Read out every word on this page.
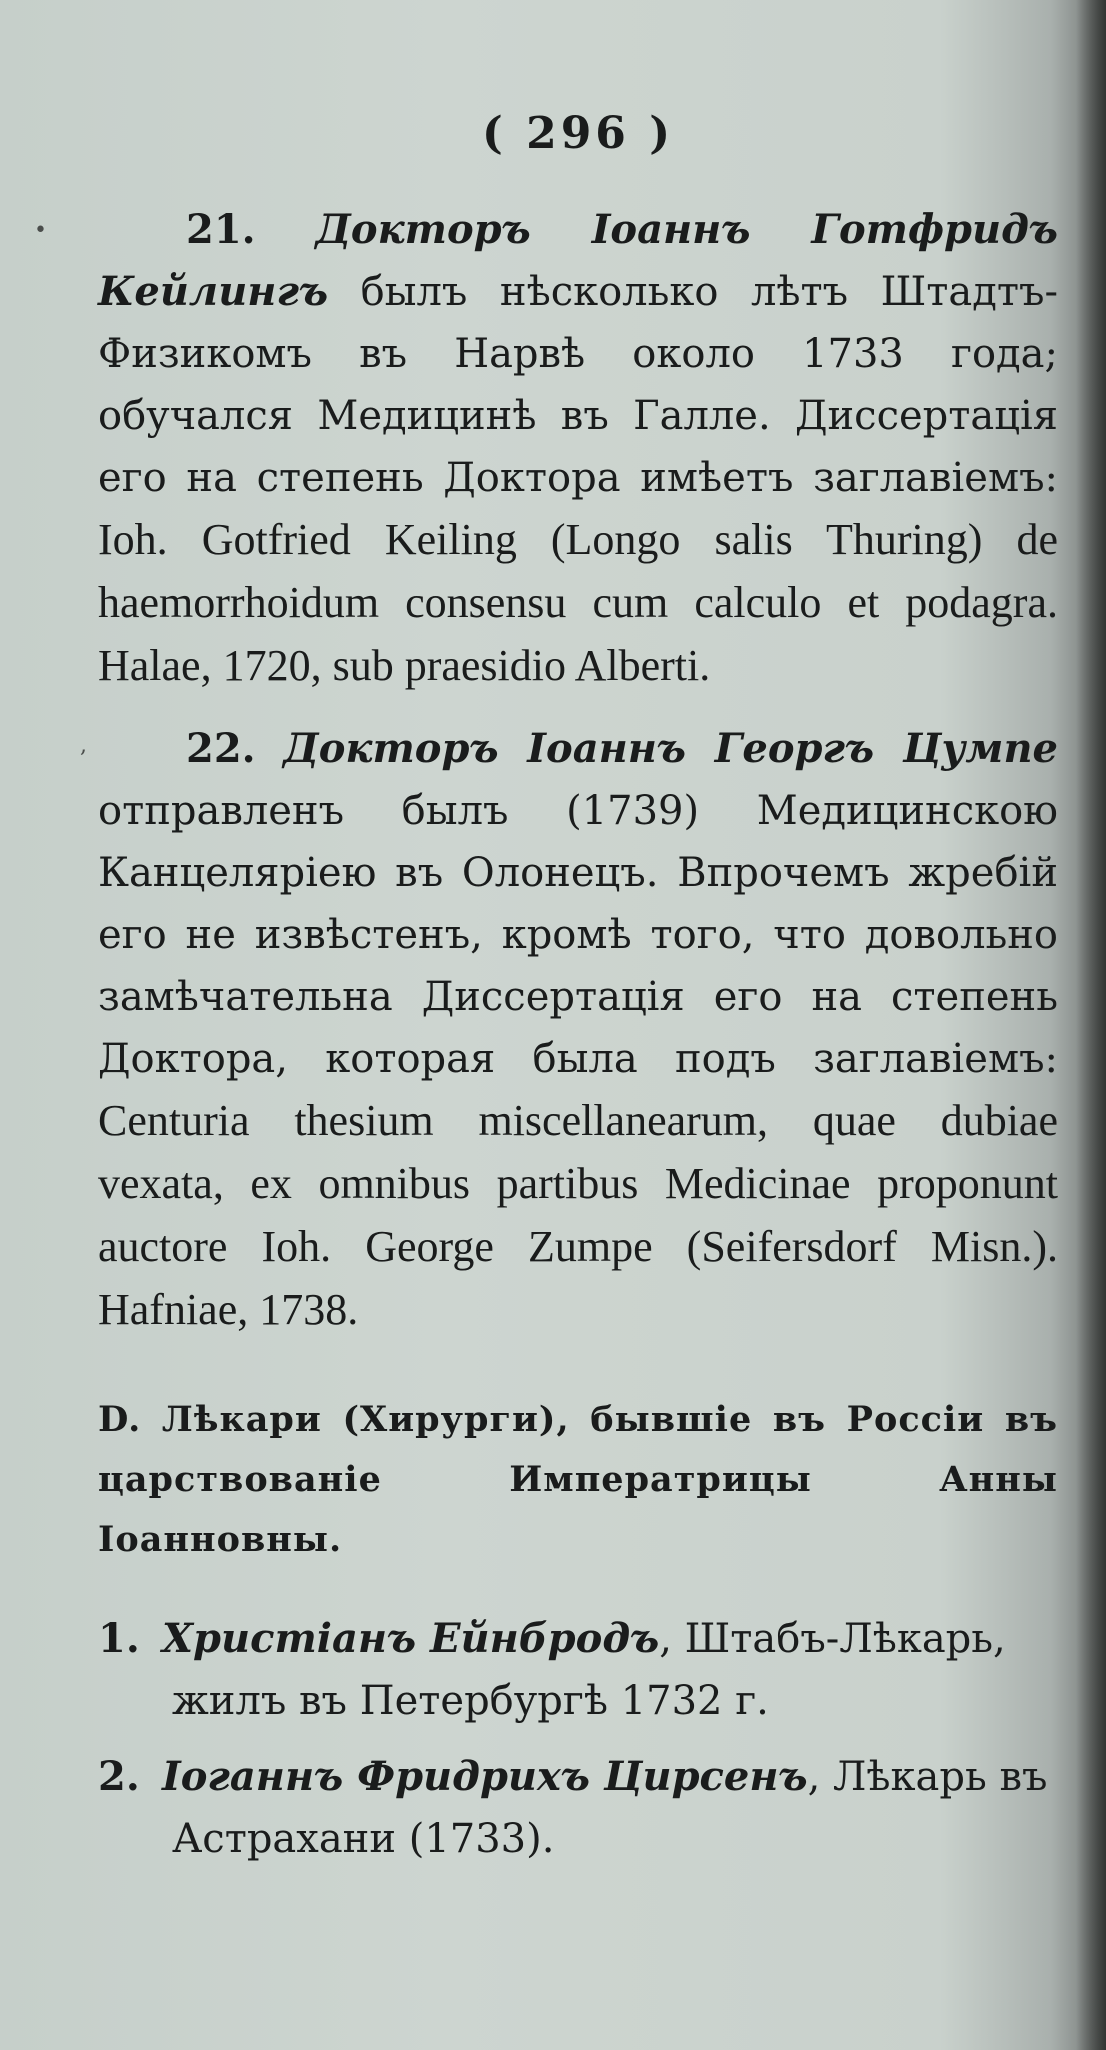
•
,
( 296 )

21. Докторъ Іоаннъ Готфридъ Кейлингъ былъ нѣсколько лѣтъ Штадтъ-Физикомъ въ Нарвѣ около 1733 года; обучался Медицинѣ въ Галле. Диссертація его на степень Доктора имѣетъ заглавіемъ: Ioh. Gotfried Keiling (Longo salis Thuring) de haemorrhoidum consensu cum calculo et podagra. Halae, 1720, sub praesidio Alberti.

22. Докторъ Іоаннъ Георгъ Цумпе отправленъ былъ (1739) Медицинскою Канцеляріею въ Олонецъ. Впрочемъ жребій его не извѣстенъ, кромѣ того, что довольно замѣчательна Диссертація его на степень Доктора, которая была подъ заглавіемъ: Centuria thesium miscellanearum, quae dubiae vexata, ex omnibus partibus Medicinae proponunt auctore Ioh. George Zumpe (Seifersdorf Misn.). Hafniae, 1738.

D. Лѣкари (Хирурги), бывшіе въ Россіи въ царствованіе Императрицы Анны Іоанновны.

1. Христіанъ Ейнбродъ, Штабъ-Лѣкарь, жилъ въ Петербургѣ 1732 г.

2. Іоганнъ Фридрихъ Цирсенъ, Лѣкарь въ Астрахани (1733).
